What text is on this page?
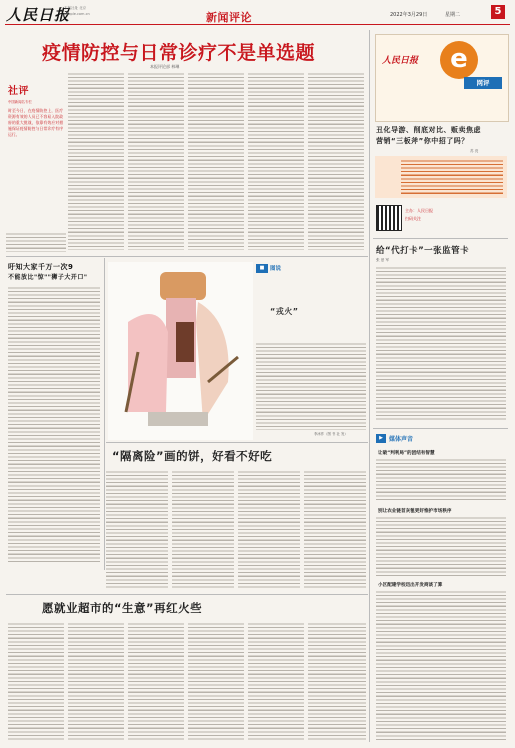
人民日报
本报社址 北京
people.com.cn	新闻评论	2022年3月29日	星期二	5
疫情防控与日常诊疗不是单选题
本报评论部 林琳
社评
中国新闻名专栏
时至今日，在疫情防控上，医疗资源有效的人员已不容易入院政府的重大挑战，依靠有效应对措施保证疫情防控与日常诊疗有序运行。
吁知大家千万一次9
不能放比"惊""狮子大开口"
■	图说
“戎火”
李冰作（图 书 社 发）
“隔离险”画的饼，好看不好吃
愿就业超市的“生意”再红火些
人民日报	e
网评
丑化导游、削底对比、贩卖焦虑
营销“三板斧”你中招了吗？
苏 亮
主办：人民日报
扫码关注
给“代打卡”一张监管卡
张 爱 军
▶	媒体声音
让破“判利局”的团结有智慧
别让农业链首灰毯更好惟护市场秩序
小区配建学校迅出开发商谈了算
